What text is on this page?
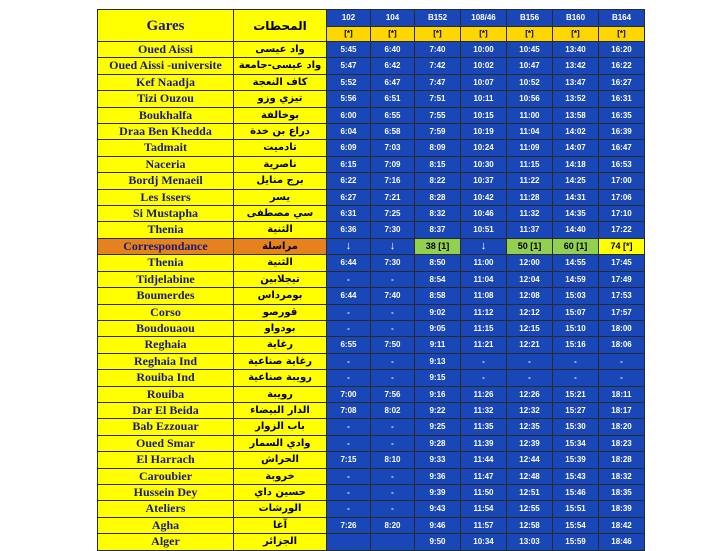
Gares	المحطات	102	104	B152	108/46	B156	B160	B164
		[*]	[*]	[*]	[*]	[*]	[*]	[*]
Oued Aissi	واد عيسى	5:45	6:40	7:40	10:00	10:45	13:40	16:20
Oued Aissi -universite	واد عيسى-جامعة	5:47	6:42	7:42	10:02	10:47	13:42	16:22
Kef Naadja	كاف النعجة	5:52	6:47	7:47	10:07	10:52	13:47	16:27
Tizi Ouzou	تيزي وزو	5:56	6:51	7:51	10:11	10:56	13:52	16:31
Boukhalfa	بوخالفة	6:00	6:55	7:55	10:15	11:00	13:58	16:35
Draa Ben Khedda	دراع بن خدة	6:04	6:58	7:59	10:19	11:04	14:02	16:39
Tadmait	تادميت	6:09	7:03	8:09	10:24	11:09	14:07	16:47
Naceria	ناصرية	6:15	7:09	8:15	10:30	11:15	14:18	16:53
Bordj Menaeil	برج منايل	6:22	7:16	8:22	10:37	11:22	14:25	17:00
Les Issers	يسر	6:27	7:21	8:28	10:42	11:28	14:31	17:06
Si Mustapha	سي مصطفى	6:31	7:25	8:32	10:46	11:32	14:35	17:10
Thenia	الثنية	6:36	7:30	8:37	10:51	11:37	14:40	17:22
Correspondance	مراسلة	↓	↓	38 [1]	↓	50 [1]	60 [1]	74 [*]
Thenia	الثنية	6:44	7:30	8:50	11:00	12:00	14:55	17:45
Tidjelabine	تيجلابين	-	-	8:54	11:04	12:04	14:59	17:49
Boumerdes	بومرداس	6:44	7:40	8:58	11:08	12:08	15:03	17:53
Corso	قورصو	-	-	9:02	11:12	12:12	15:07	17:57
Boudouaou	بودواو	-	-	9:05	11:15	12:15	15:10	18:00
Reghaia	رغاية	6:55	7:50	9:11	11:21	12:21	15:16	18:06
Reghaia Ind	رغاية صناعية	-	-	9:13	-	-	-	-
Rouiba Ind	رويبة صناعية	-	-	9:15	-	-	-	-
Rouiba	رويبة	7:00	7:56	9:16	11:26	12:26	15:21	18:11
Dar El Beida	الدار البيضاء	7:08	8:02	9:22	11:32	12:32	15:27	18:17
Bab Ezzouar	باب الزوار	-	-	9:25	11:35	12:35	15:30	18:20
Oued Smar	وادي السمار	-	-	9:28	11:39	12:39	15:34	18:23
El Harrach	الحراش	7:15	8:10	9:33	11:44	12:44	15:39	18:28
Caroubier	خروبة	-	-	9:36	11:47	12:48	15:43	18:32
Hussein Dey	حسين داي	-	-	9:39	11:50	12:51	15:46	18:35
Ateliers	الورشات	-	-	9:43	11:54	12:55	15:51	18:39
Agha	آغا	7:26	8:20	9:46	11:57	12:58	15:54	18:42
Alger	الجزائر			9:50	10:34	13:03	15:59	18:46
